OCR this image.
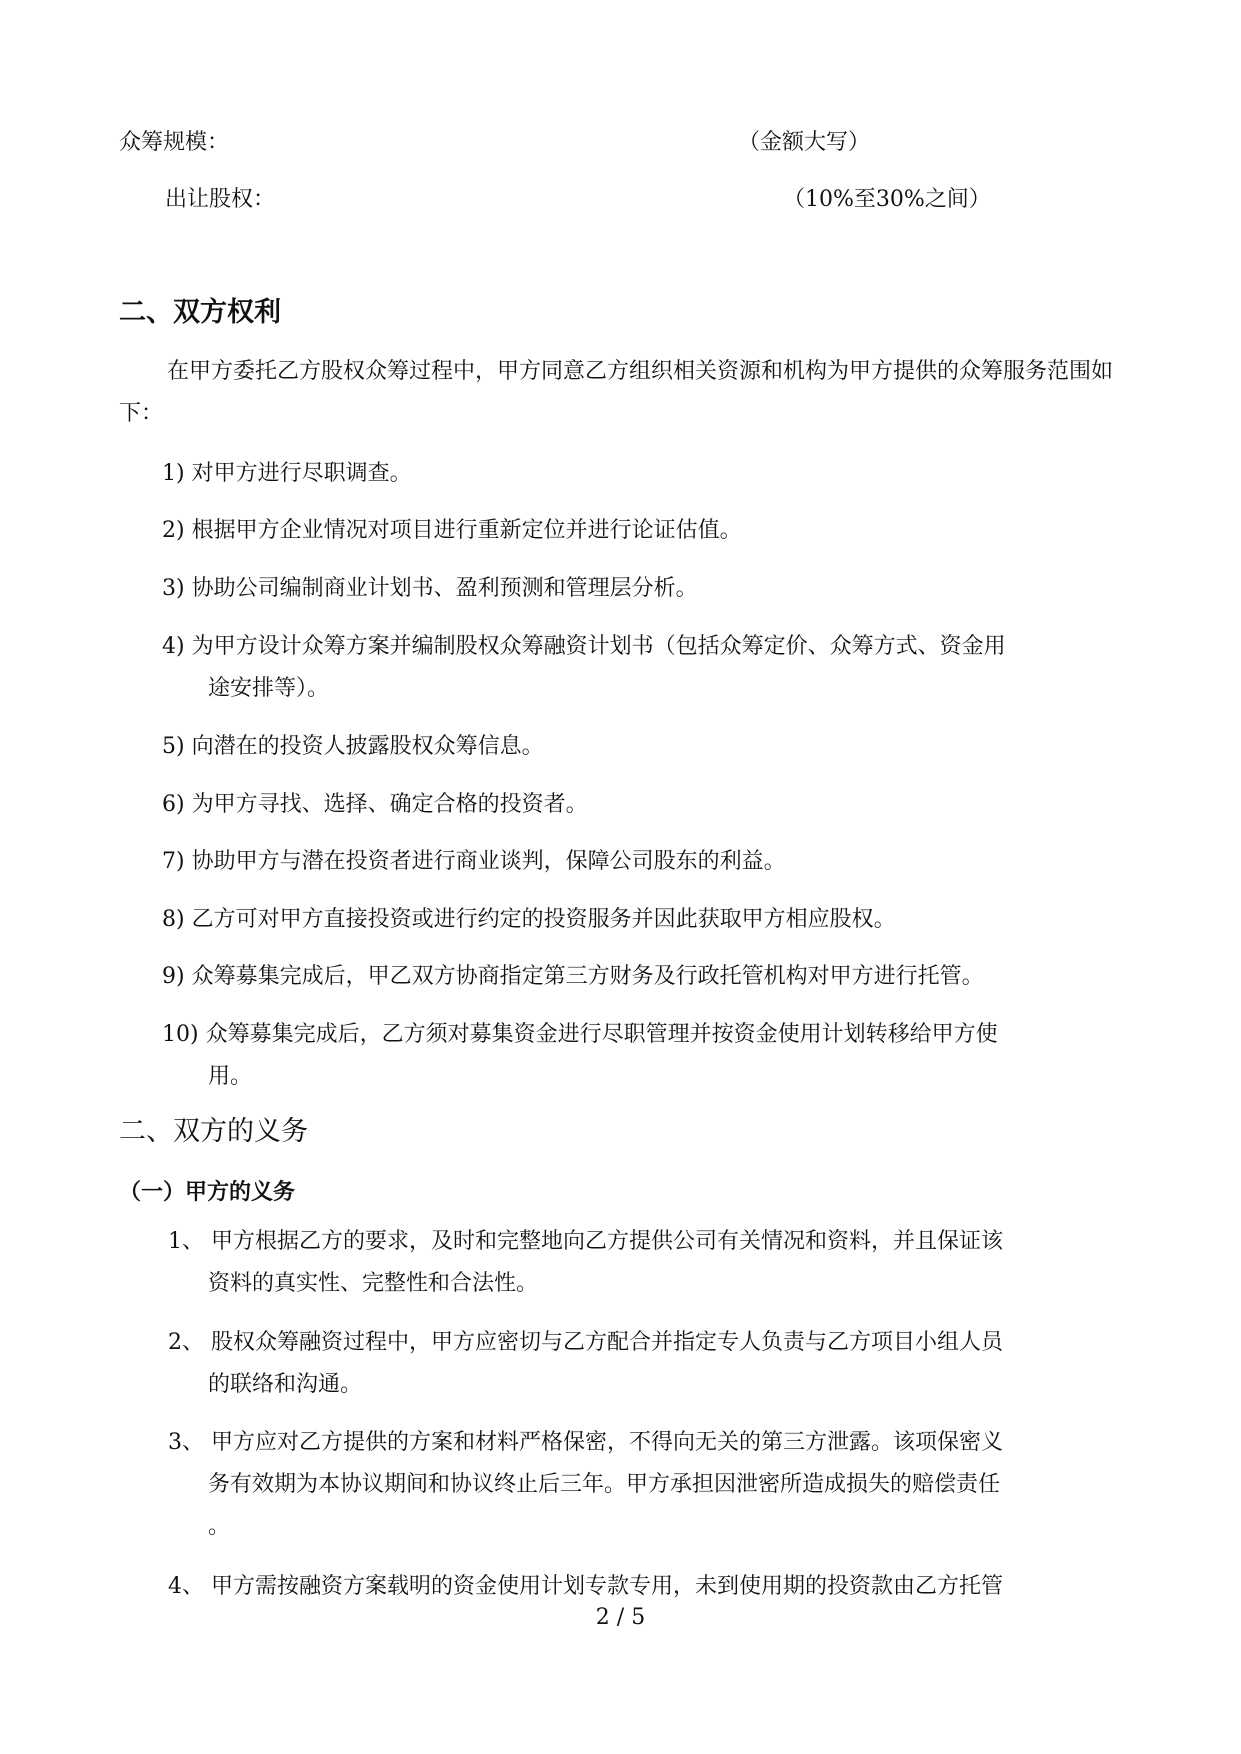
众筹规模：	（金额大写）
出让股权：	（10%至30%之间）
二、双方权利
在甲方委托乙方股权众筹过程中，甲方同意乙方组织相关资源和机构为甲方提供的众筹服务范围如下：
1) 对甲方进行尽职调查。
2) 根据甲方企业情况对项目进行重新定位并进行论证估值。
3) 协助公司编制商业计划书、盈利预测和管理层分析。
4) 为甲方设计众筹方案并编制股权众筹融资计划书（包括众筹定价、众筹方式、资金用
途安排等）。
5) 向潜在的投资人披露股权众筹信息。
6) 为甲方寻找、选择、确定合格的投资者。
7) 协助甲方与潜在投资者进行商业谈判，保障公司股东的利益。
8) 乙方可对甲方直接投资或进行约定的投资服务并因此获取甲方相应股权。
9) 众筹募集完成后，甲乙双方协商指定第三方财务及行政托管机构对甲方进行托管。
10) 众筹募集完成后，乙方须对募集资金进行尽职管理并按资金使用计划转移给甲方使
用。
二、双方的义务
（一）甲方的义务
1、 甲方根据乙方的要求，及时和完整地向乙方提供公司有关情况和资料，并且保证该
资料的真实性、完整性和合法性。
2、 股权众筹融资过程中，甲方应密切与乙方配合并指定专人负责与乙方项目小组人员
的联络和沟通。
3、 甲方应对乙方提供的方案和材料严格保密，不得向无关的第三方泄露。该项保密义
务有效期为本协议期间和协议终止后三年。甲方承担因泄密所造成损失的赔偿责任
。
4、 甲方需按融资方案载明的资金使用计划专款专用，未到使用期的投资款由乙方托管
2 / 5
